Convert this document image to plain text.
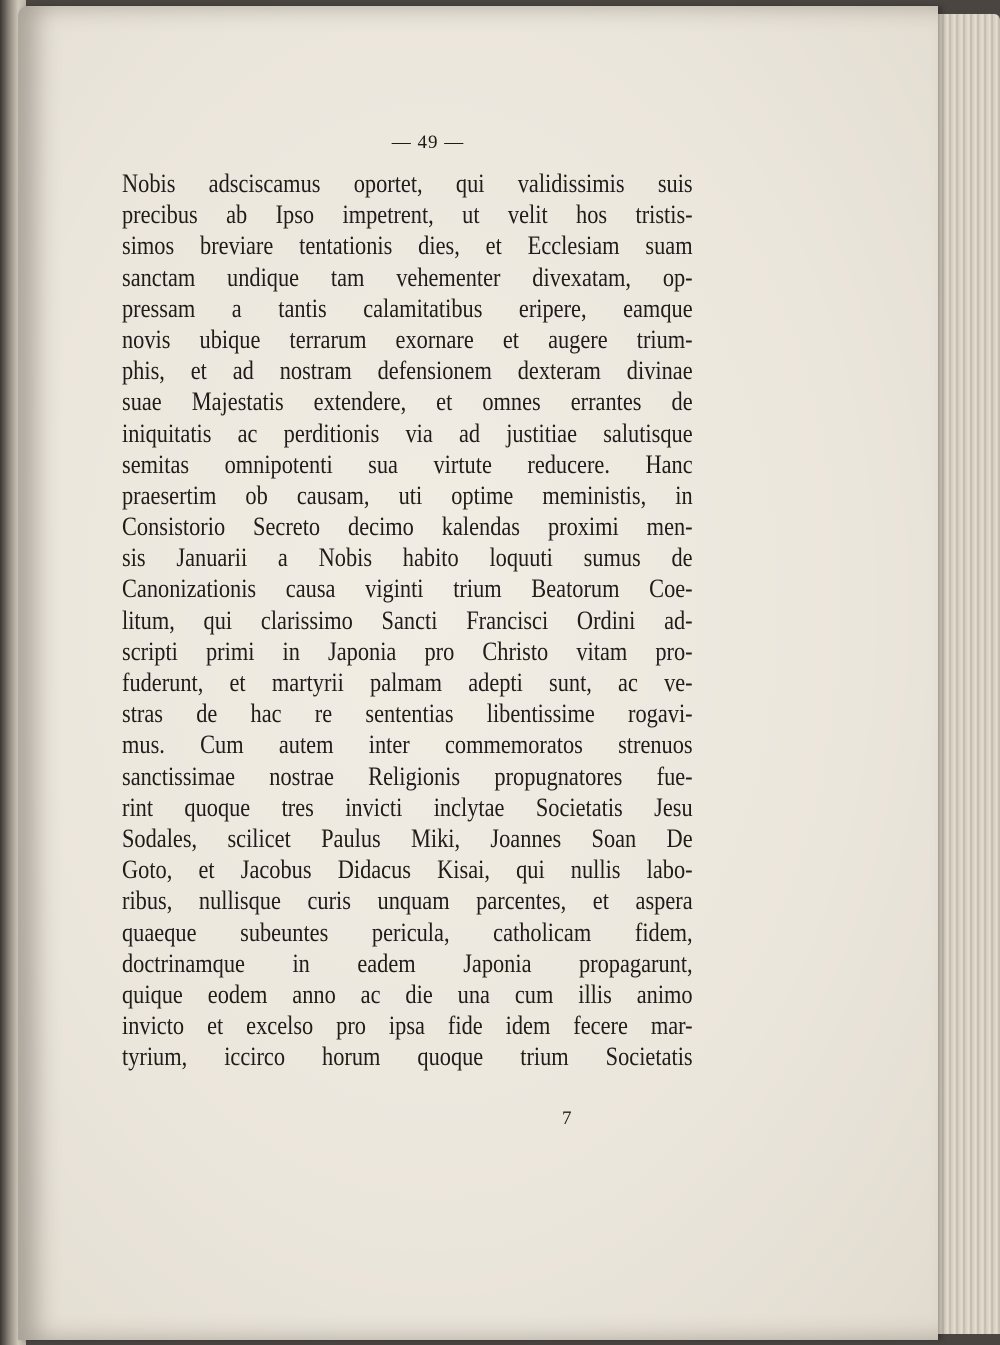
— 49 —
Nobis adsciscamus oportet, qui validissimis suis
precibus ab Ipso impetrent, ut velit hos tristis-
simos breviare tentationis dies, et Ecclesiam suam
sanctam undique tam vehementer divexatam, op-
pressam a tantis calamitatibus eripere, eamque
novis ubique terrarum exornare et augere trium-
phis, et ad nostram defensionem dexteram divinae
suae Majestatis extendere, et omnes errantes de
iniquitatis ac perditionis via ad justitiae salutisque
semitas omnipotenti sua virtute reducere. Hanc
praesertim ob causam, uti optime meministis, in
Consistorio Secreto decimo kalendas proximi men-
sis Januarii a Nobis habito loquuti sumus de
Canonizationis causa viginti trium Beatorum Coe-
litum, qui clarissimo Sancti Francisci Ordini ad-
scripti primi in Japonia pro Christo vitam pro-
fuderunt, et martyrii palmam adepti sunt, ac ve-
stras de hac re sententias libentissime rogavi-
mus. Cum autem inter commemoratos strenuos
sanctissimae nostrae Religionis propugnatores fue-
rint quoque tres invicti inclytae Societatis Jesu
Sodales, scilicet Paulus Miki, Joannes Soan De
Goto, et Jacobus Didacus Kisai, qui nullis labo-
ribus, nullisque curis unquam parcentes, et aspera
quaeque subeuntes pericula, catholicam fidem,
doctrinamque in eadem Japonia propagarunt,
quique eodem anno ac die una cum illis animo
invicto et excelso pro ipsa fide idem fecere mar-
tyrium, iccirco horum quoque trium Societatis
7
